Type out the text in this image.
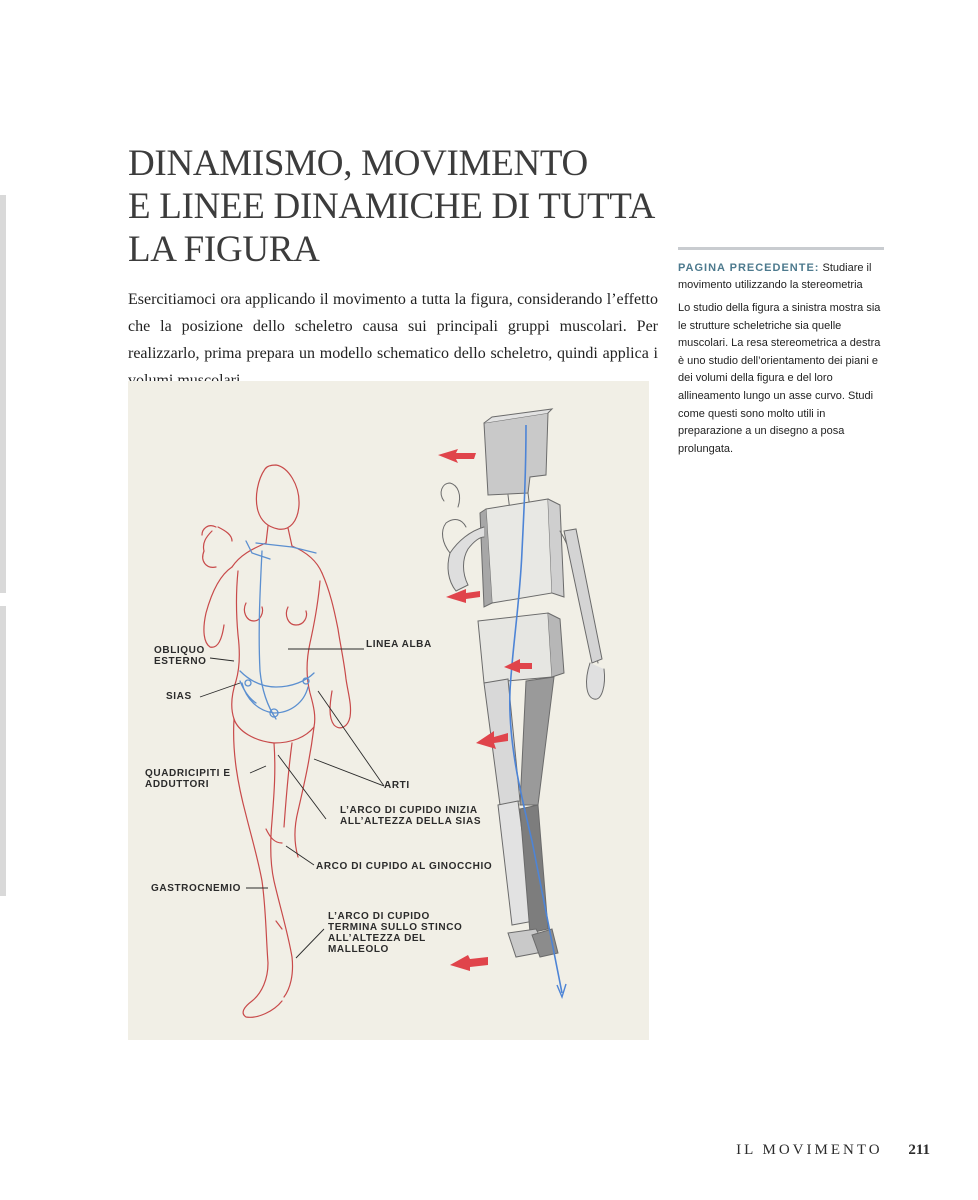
DINAMISMO, MOVIMENTO
E LINEE DINAMICHE DI TUTTA
LA FIGURA

Esercitiamoci ora applicando il movimento a tutta la figura, considerando l’effetto che la posizione dello scheletro causa sui principali gruppi muscolari. Per realizzarlo, prima prepara un modello schematico dello scheletro, quindi applica i

PAGINA PRECEDENTE: Studiare il movimento utilizzando la stereometria
Lo studio della figura a sinistra mostra sia le strutture scheletriche sia quelle muscolari. La resa stereometrica a destra è uno studio dell’orientamento dei piani e dei volumi della figura e del loro allineamento lungo un asse curvo. Studi come questi sono molto utili in preparazione a un disegno a posa prolungata.
OBLIQUO
ESTERNO
LINEA ALBA
SIAS
QUADRICIPITI E
ADDUTTORI	ARTI
L’ARCO DI CUPIDO INIZIA
ALL’ALTEZZA DELLA SIAS
ARCO DI CUPIDO AL GINOCCHIO
GASTROCNEMIO
L’ARCO DI CUPIDO
TERMINA SULLO STINCO
ALL’ALTEZZA DEL
MALLEOLO
IL MOVIMENTO 211
